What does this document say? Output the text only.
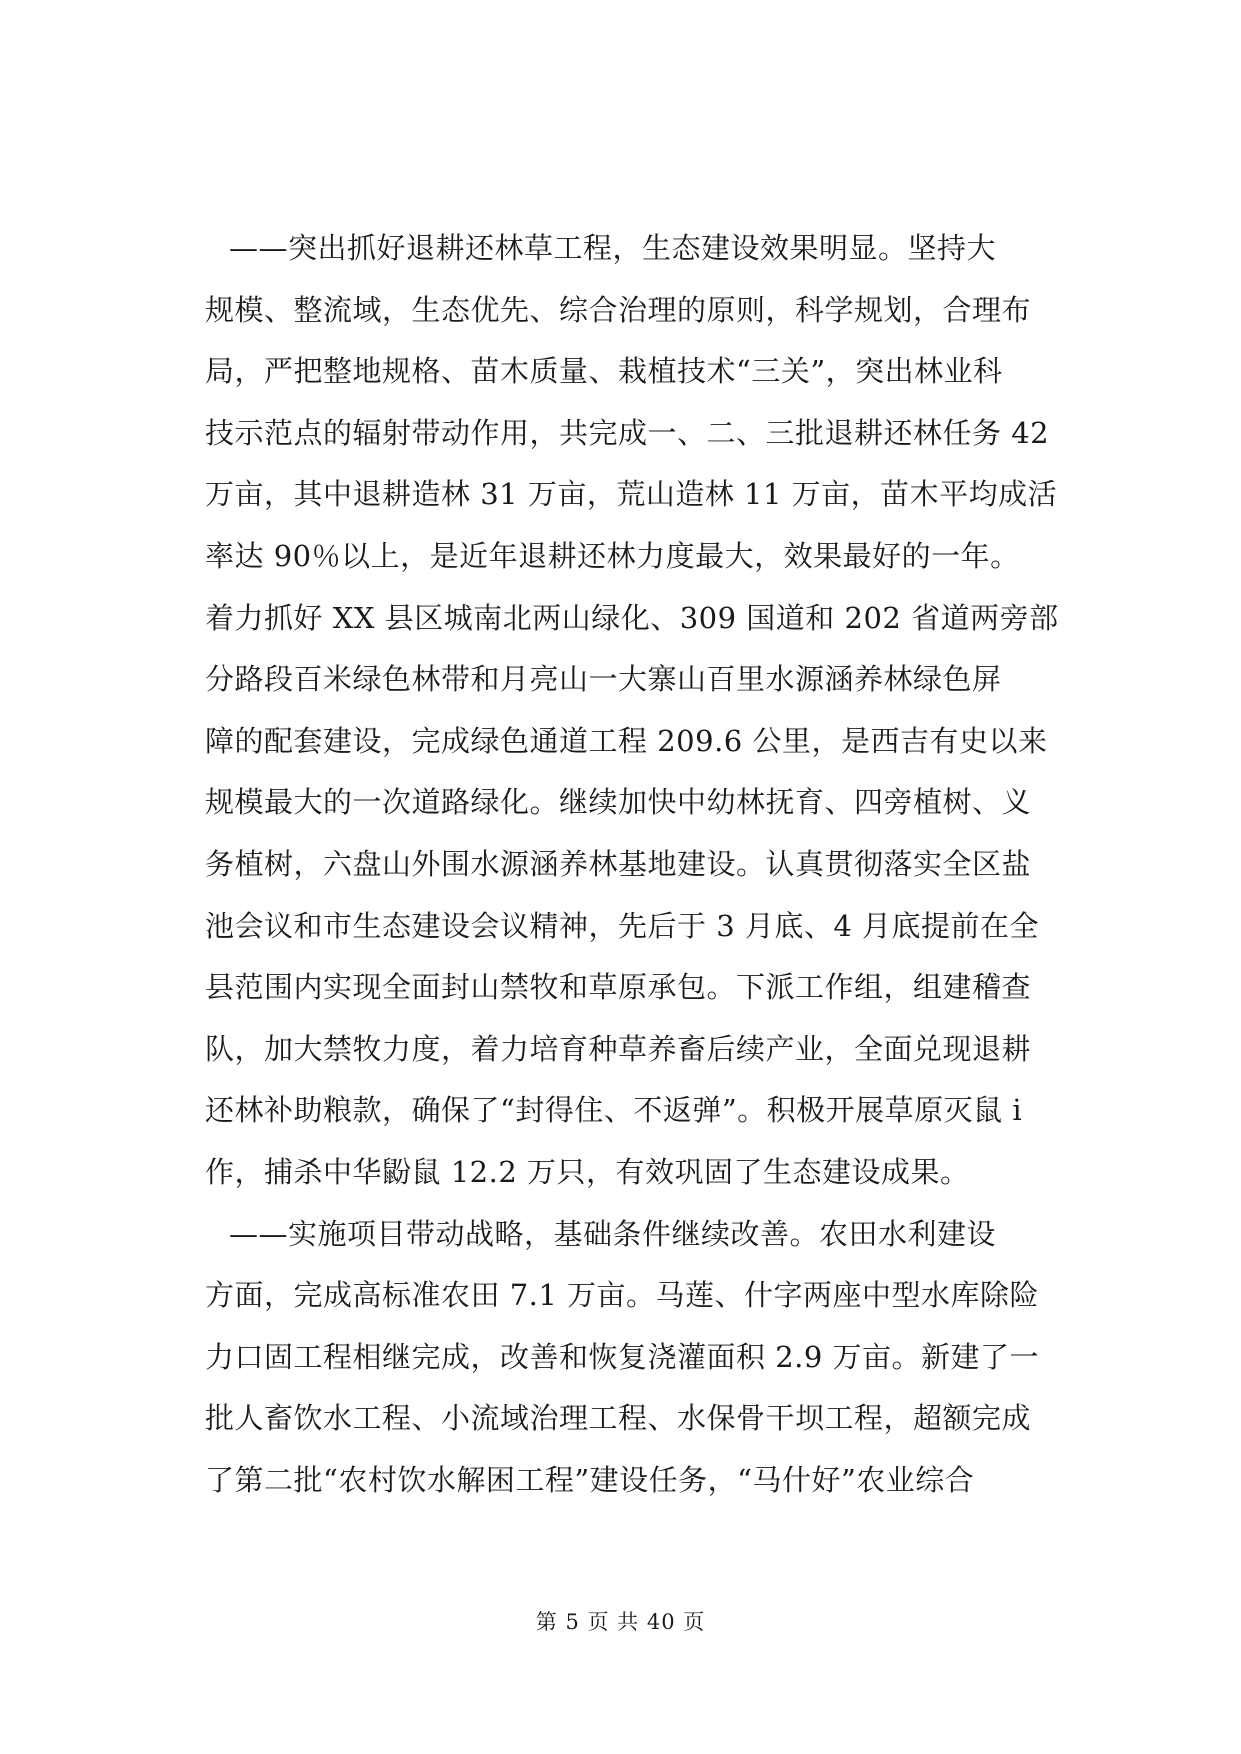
——突出抓好退耕还林草工程，生态建设效果明显。坚持大
规模、整流域，生态优先、综合治理的原则，科学规划，合理布
局，严把整地规格、苗木质量、栽植技术“三关”，突出林业科
技示范点的辐射带动作用，共完成一、二、三批退耕还林任务 42
万亩，其中退耕造林 31 万亩，荒山造林 11 万亩，苗木平均成活
率达 90％以上，是近年退耕还林力度最大，效果最好的一年。
着力抓好 XX 县区城南北两山绿化、309 国道和 202 省道两旁部
分路段百米绿色林带和月亮山一大寨山百里水源涵养林绿色屏
障的配套建设，完成绿色通道工程 209.6 公里，是西吉有史以来
规模最大的一次道路绿化。继续加快中幼林抚育、四旁植树、义
务植树，六盘山外围水源涵养林基地建设。认真贯彻落实全区盐
池会议和市生态建设会议精神，先后于 3 月底、4 月底提前在全
县范围内实现全面封山禁牧和草原承包。下派工作组，组建稽查
队，加大禁牧力度，着力培育种草养畜后续产业，全面兑现退耕
还林补助粮款，确保了“封得住、不返弹”。积极开展草原灭鼠 i
作，捕杀中华鼢鼠 12.2 万只，有效巩固了生态建设成果。
——实施项目带动战略，基础条件继续改善。农田水利建设
方面，完成高标准农田 7.1 万亩。马莲、什字两座中型水库除险
力口固工程相继完成，改善和恢复浇灌面积 2.9 万亩。新建了一
批人畜饮水工程、小流域治理工程、水保骨干坝工程，超额完成
了第二批“农村饮水解困工程”建设任务，“马什好”农业综合
第 5 页 共 40 页
